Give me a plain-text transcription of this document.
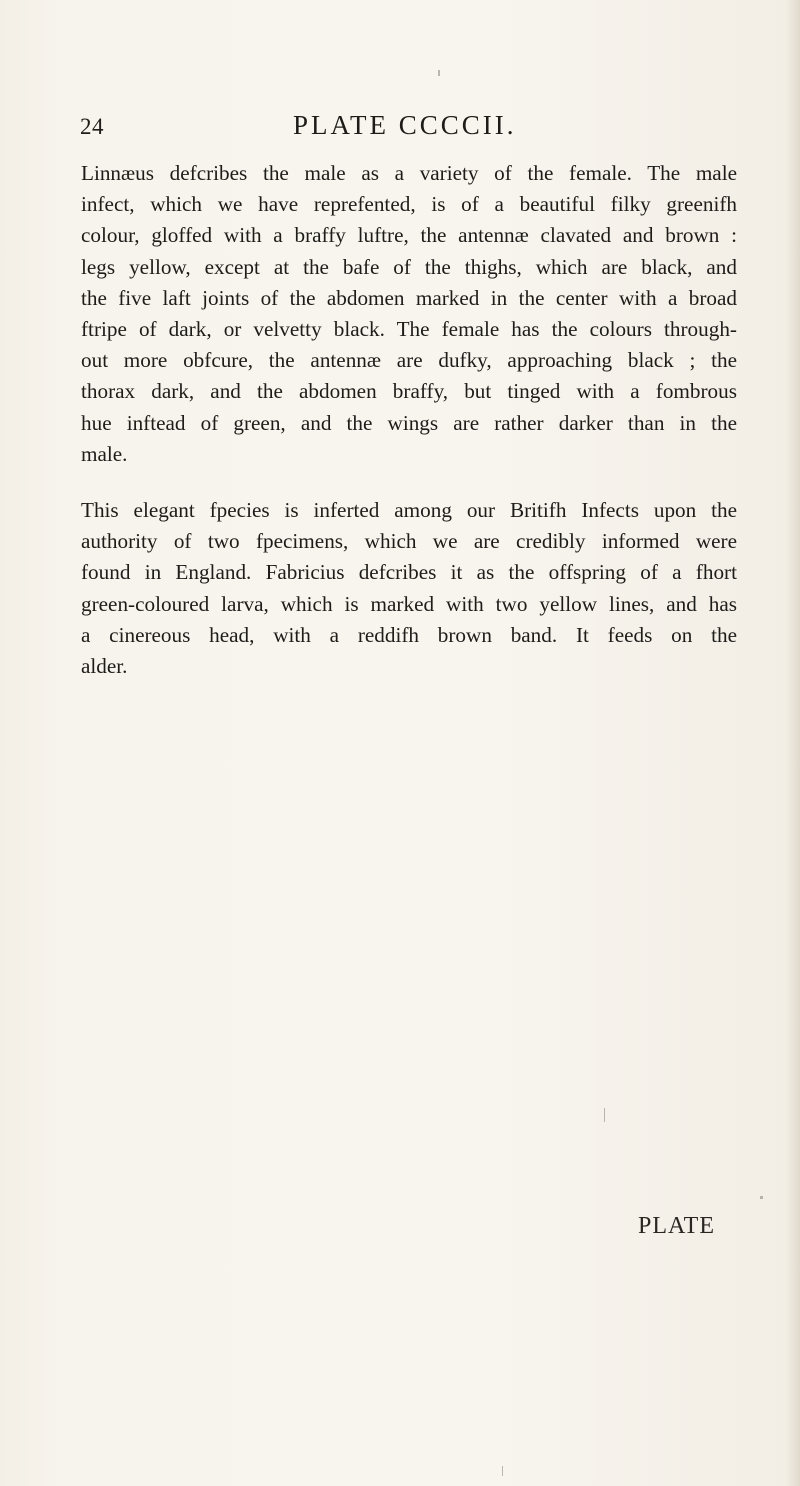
24	PLATE CCCCII.

Linnæus defcribes the male as a variety of the female. The male
infect, which we have reprefented, is of a beautiful filky greenifh
colour, gloffed with a braffy luftre, the antennæ clavated and brown :
legs yellow, except at the bafe of the thighs, which are black, and
the five laft joints of the abdomen marked in the center with a broad
ftripe of dark, or velvetty black. The female has the colours through-
out more obfcure, the antennæ are dufky, approaching black ; the
thorax dark, and the abdomen braffy, but tinged with a fombrous
hue inftead of green, and the wings are rather darker than in the
male.

This elegant fpecies is inferted among our Britifh Infects upon the
authority of two fpecimens, which we are credibly informed were
found in England. Fabricius defcribes it as the offspring of a fhort
green-coloured larva, which is marked with two yellow lines, and has
a cinereous head, with a reddifh brown band. It feeds on the
alder.

PLATE
